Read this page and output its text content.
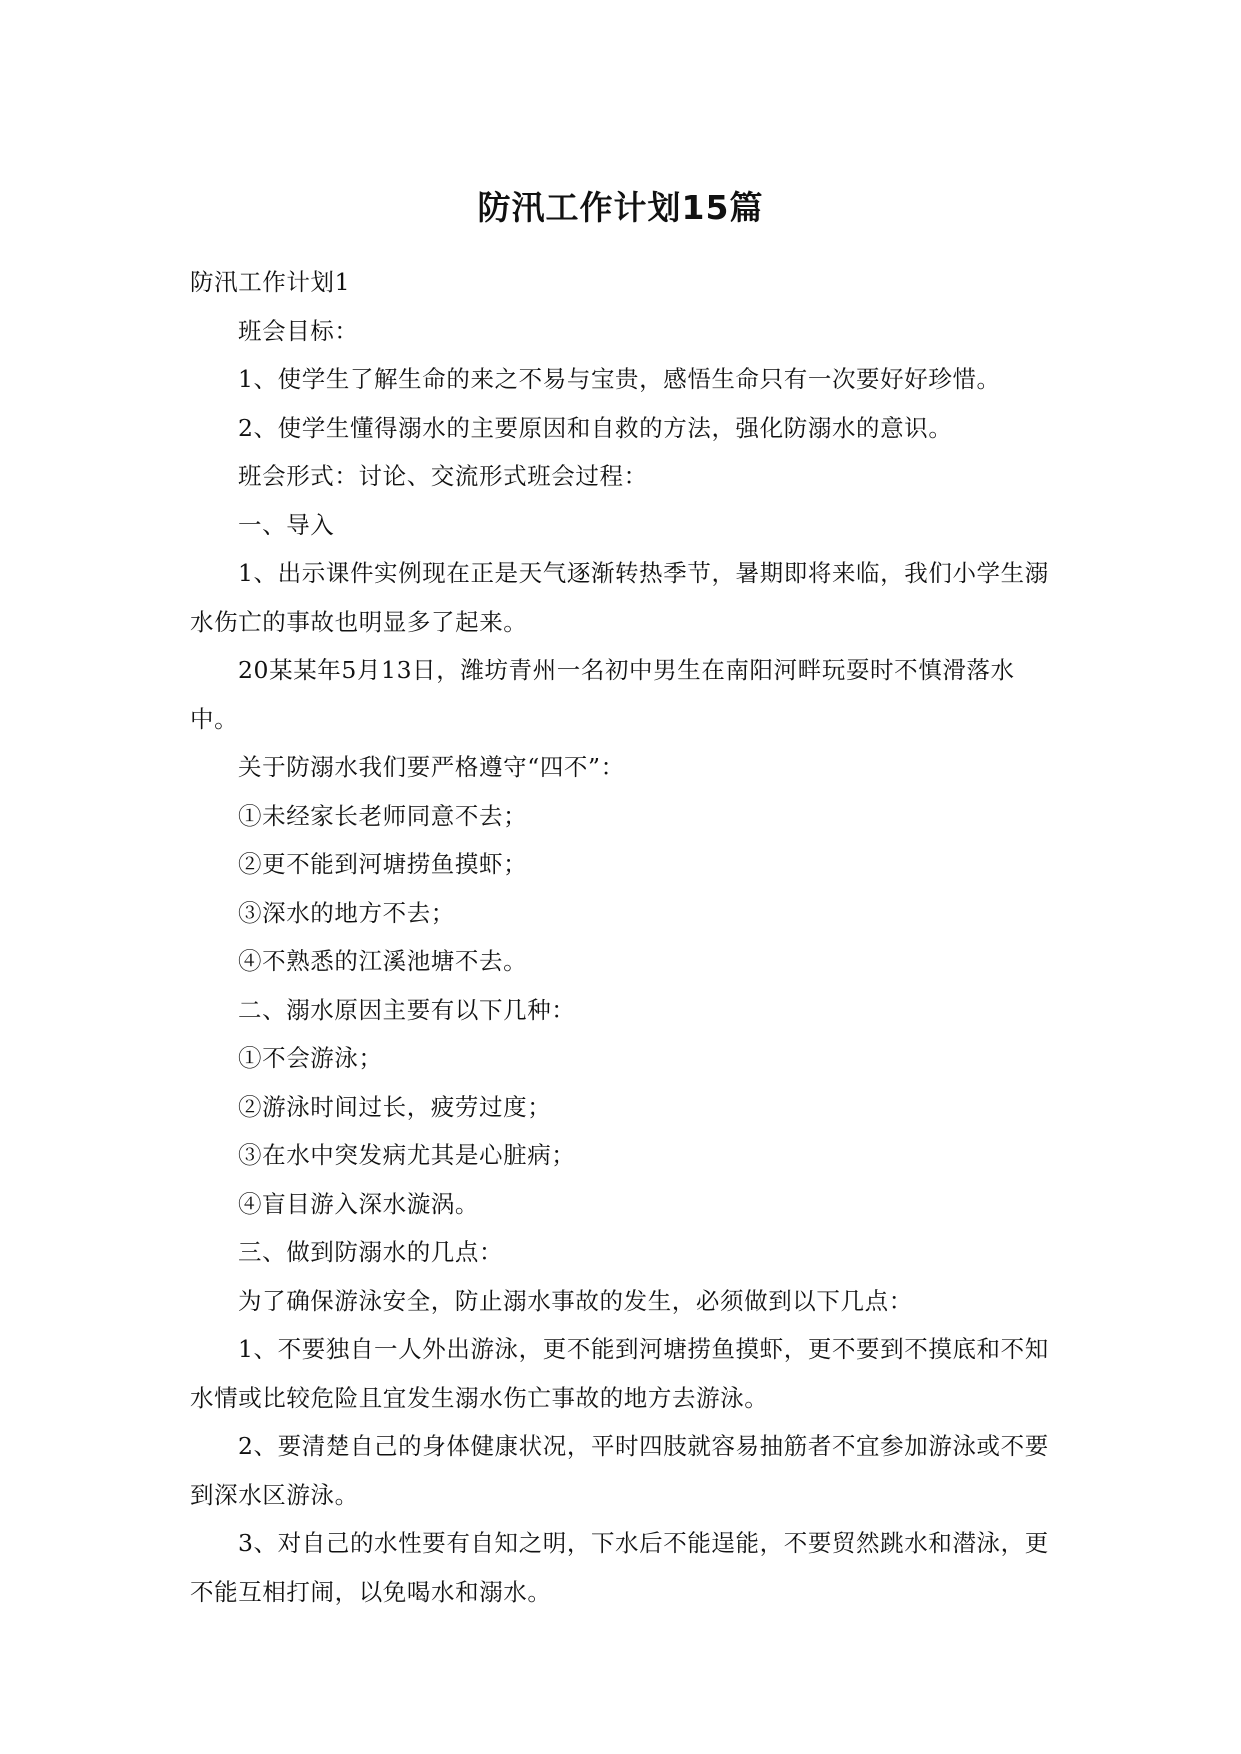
防汛工作计划15篇

防汛工作计划1

班会目标：

1、使学生了解生命的来之不易与宝贵，感悟生命只有一次要好好珍惜。

2、使学生懂得溺水的主要原因和自救的方法，强化防溺水的意识。

班会形式：讨论、交流形式班会过程：

一、导入

1、出示课件实例现在正是天气逐渐转热季节，暑期即将来临，我们小学生溺水伤亡的事故也明显多了起来。

20某某年5月13日，潍坊青州一名初中男生在南阳河畔玩耍时不慎滑落水中。

关于防溺水我们要严格遵守“四不”：

①未经家长老师同意不去；

②更不能到河塘捞鱼摸虾；

③深水的地方不去；

④不熟悉的江溪池塘不去。

二、溺水原因主要有以下几种：

①不会游泳；

②游泳时间过长，疲劳过度；

③在水中突发病尤其是心脏病；

④盲目游入深水漩涡。

三、做到防溺水的几点：

为了确保游泳安全，防止溺水事故的发生，必须做到以下几点：

1、不要独自一人外出游泳，更不能到河塘捞鱼摸虾，更不要到不摸底和不知水情或比较危险且宜发生溺水伤亡事故的地方去游泳。

2、要清楚自己的身体健康状况，平时四肢就容易抽筋者不宜参加游泳或不要到深水区游泳。

3、对自己的水性要有自知之明，下水后不能逞能，不要贸然跳水和潜泳，更不能互相打闹，以免喝水和溺水。
